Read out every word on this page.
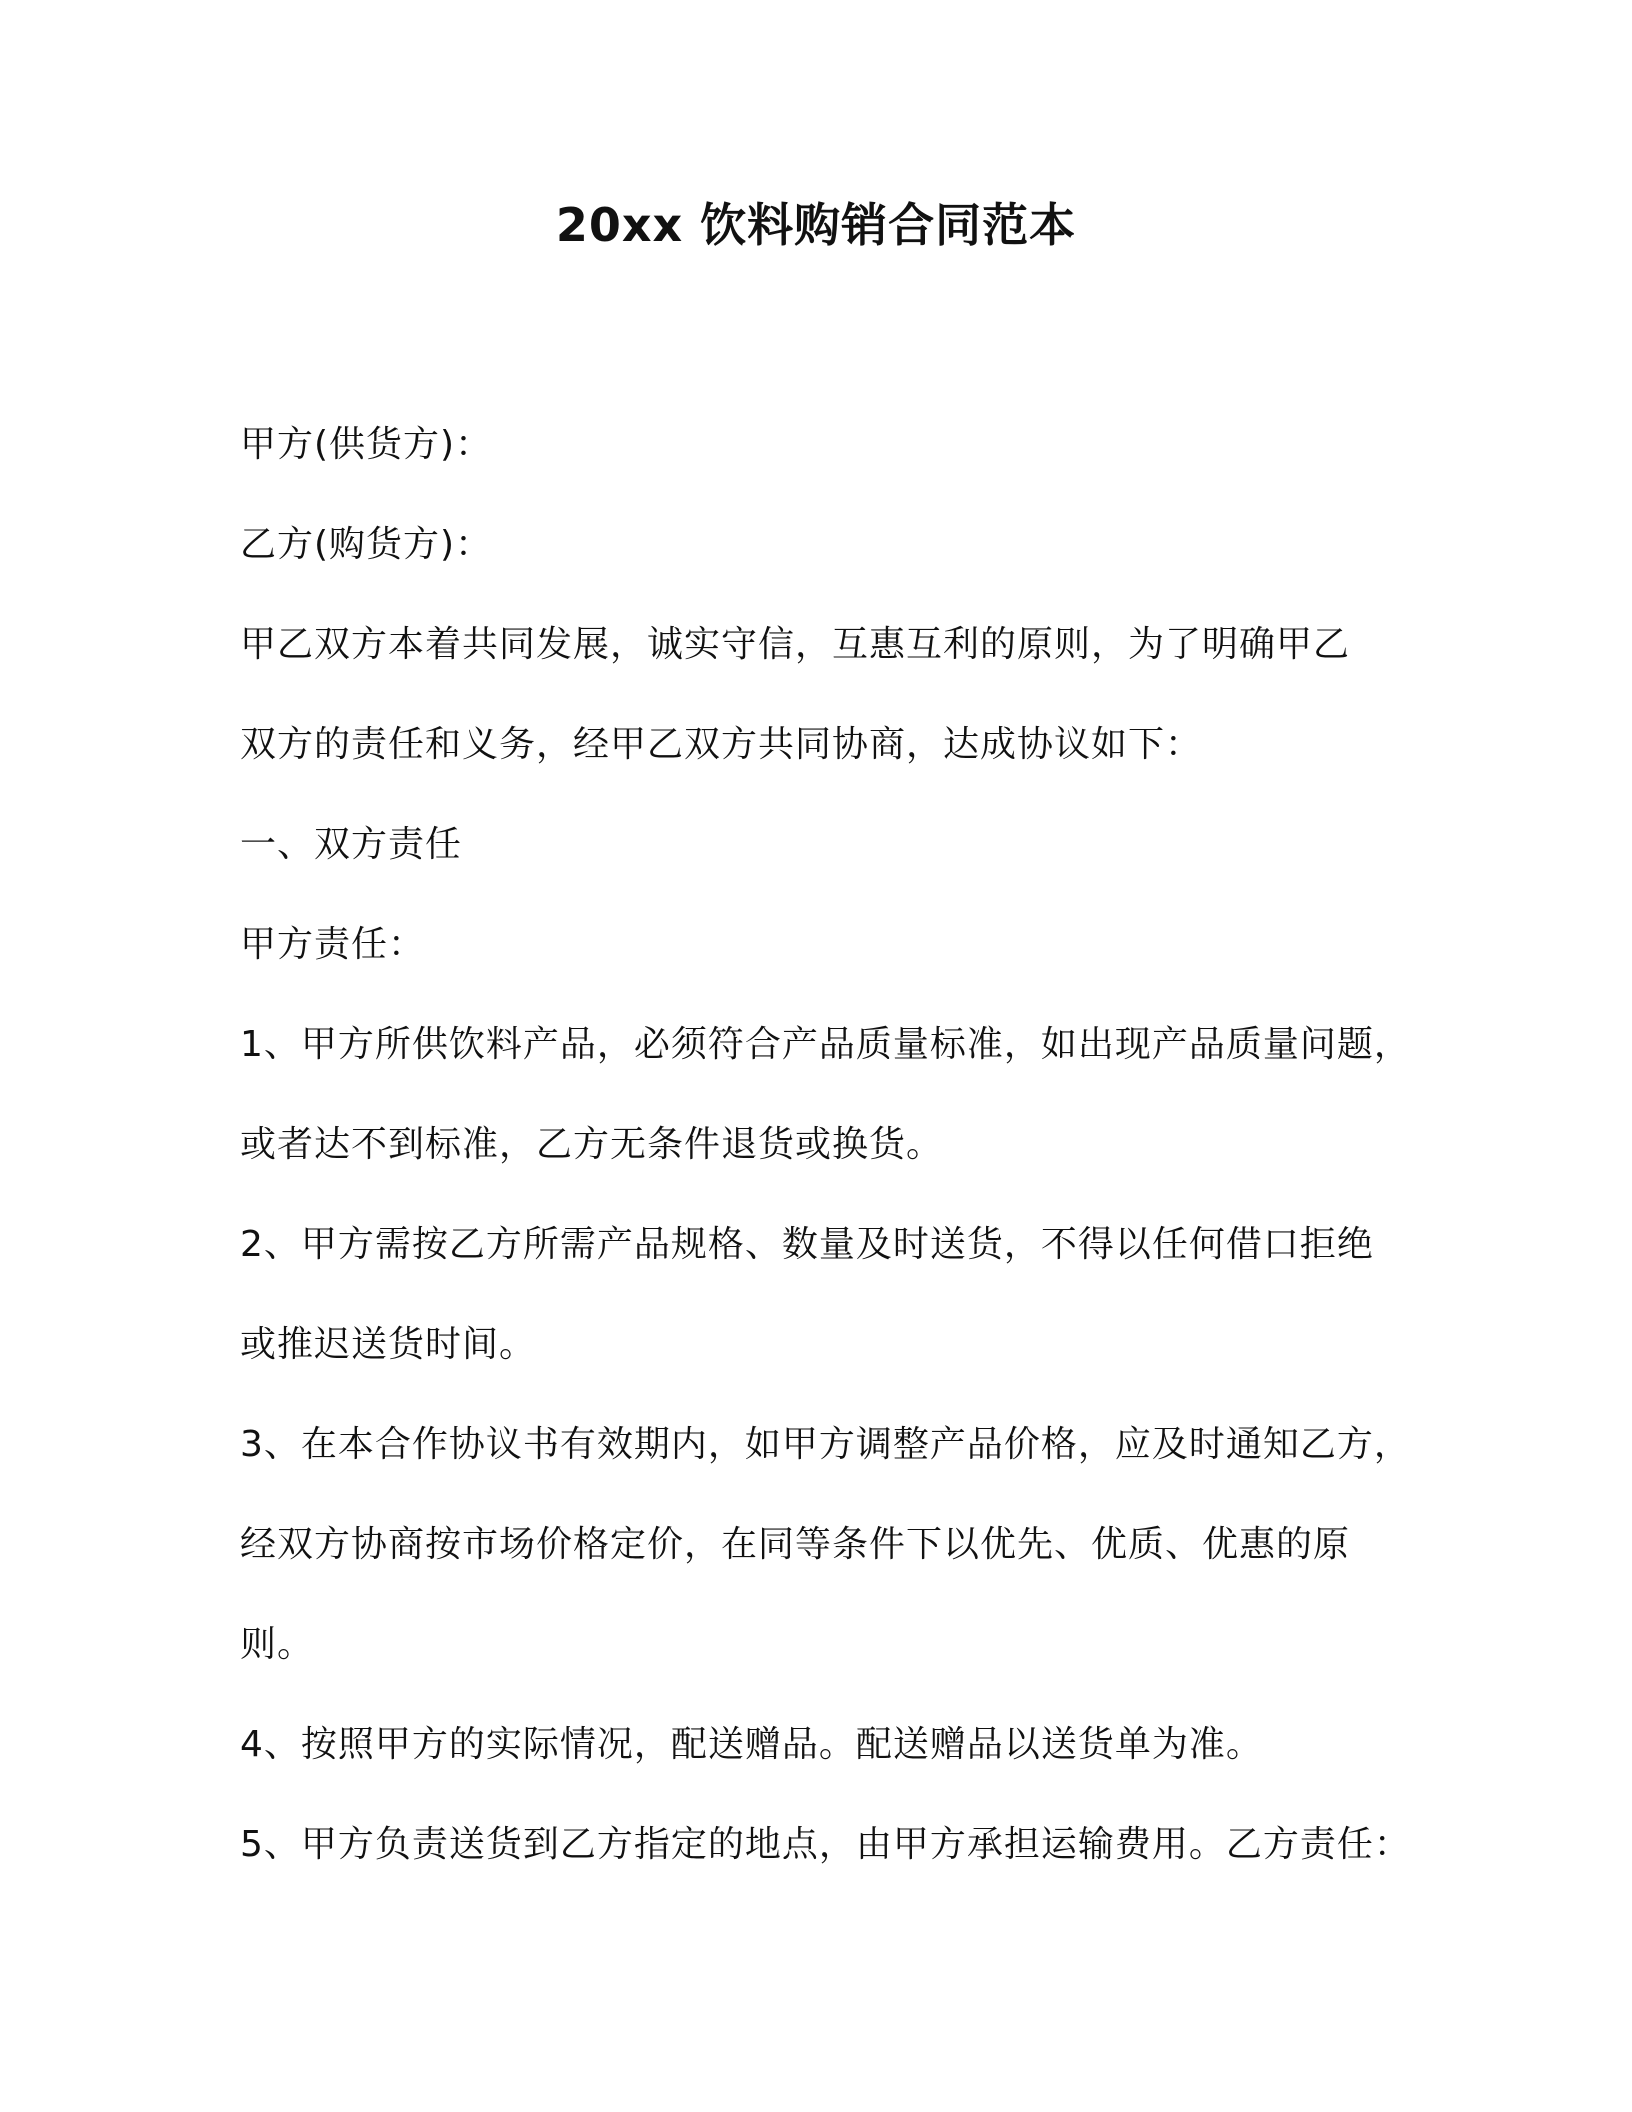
20xx 饮料购销合同范本
甲方(供货方)：
乙方(购货方)：
甲乙双方本着共同发展，诚实守信，互惠互利的原则，为了明确甲乙
双方的责任和义务，经甲乙双方共同协商，达成协议如下：
一、双方责任
甲方责任：
1、甲方所供饮料产品，必须符合产品质量标准，如出现产品质量问题，
或者达不到标准，乙方无条件退货或换货。
2、甲方需按乙方所需产品规格、数量及时送货，不得以任何借口拒绝
或推迟送货时间。
3、在本合作协议书有效期内，如甲方调整产品价格，应及时通知乙方，
经双方协商按市场价格定价，在同等条件下以优先、优质、优惠的原
则。
4、按照甲方的实际情况，配送赠品。配送赠品以送货单为准。
5、甲方负责送货到乙方指定的地点，由甲方承担运输费用。乙方责任：
